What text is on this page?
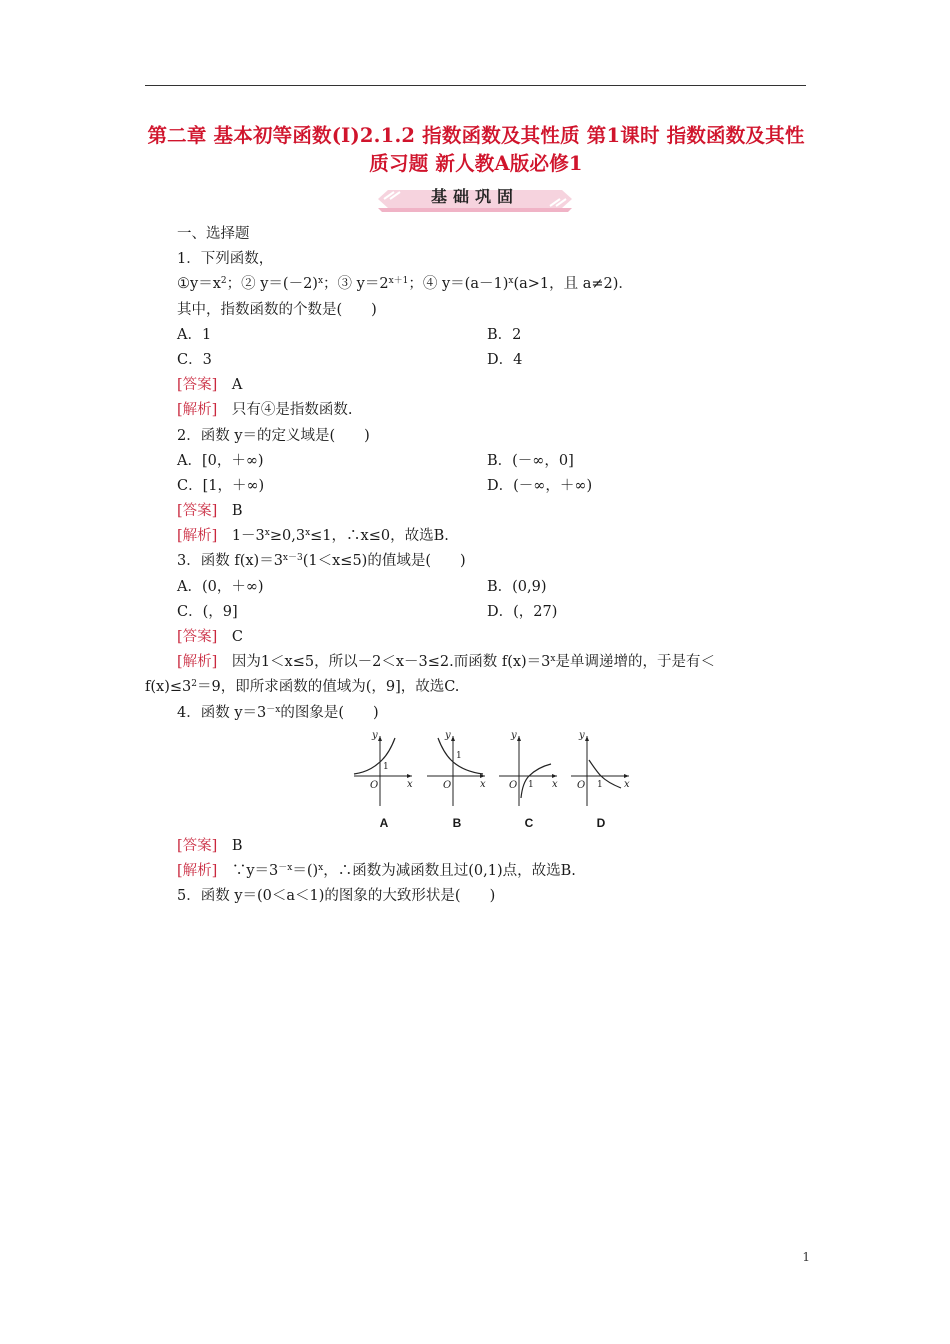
第二章 基本初等函数(Ⅰ)2.1.2 指数函数及其性质 第1课时 指数函数及其性质习题 新人教A版必修1
基础巩固
一、选择题
1．下列函数，
$①y=x^2$；② $y=(-2)^x$；③ $y=2^{x+1}$；④ $y=(a-1)^x(a>1$，且 a≠2)．
其中，指数函数的个数是(　　)
A．1	B．2
C．3	D．4
[答案]　 A
[解析]　 只有④是指数函数.
2．函数 y＝的定义域是(　　)
A．[0，＋∞)	B．(－∞，0]
C．[1，＋∞)	D．(－∞，＋∞)
[答案]　 B
[解析]　 $1-3^x\ge 0,3^x\le 1$，∴x≤0，故选B.
3．函数 $f(x)=3^{x-3}(1<x\le 5)$的值域是(　　)
A．(0，＋∞)	B．(0,9)
C．(，9]	D．(，27)
[答案]　 C
[解析]　 因为1＜x≤5，所以－2＜x－3≤2.而函数 $f(x)=3^x$是单调递增的，于是有＜
$f(x)\le 3^2=9$，即所求函数的值域为(，9]，故选C.
4．函数 $y=3^{-x}$的图象是(　　)
y
x
O
1
A
y
x
O
1
B
y
x
O 1
C
y
x
O 1
D
[答案]　 B
[解析]　 $\because y=3^{-x}=()^x$，∴函数为减函数且过(0,1)点，故选B.
5．函数 y＝(0＜a＜1)的图象的大致形状是(　　)
1
